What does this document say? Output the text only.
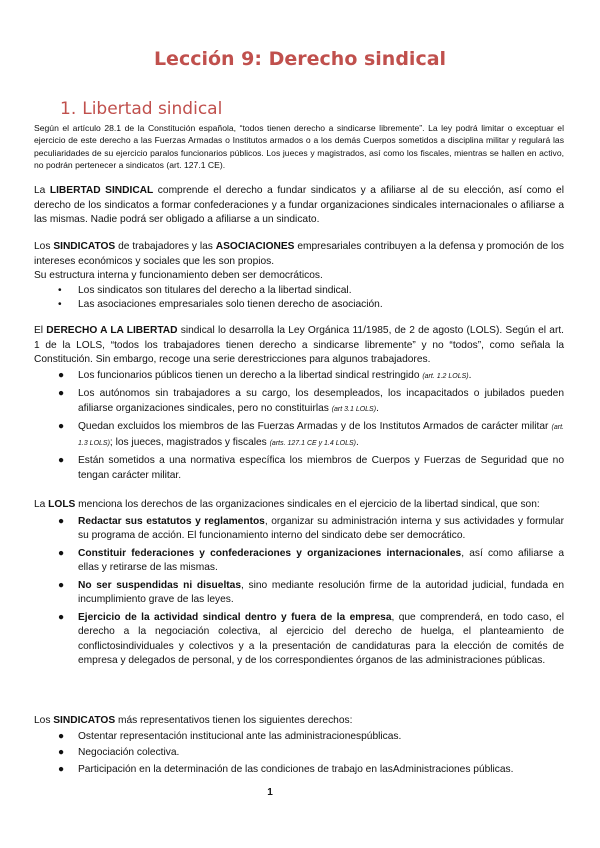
Lección 9: Derecho sindical
1. Libertad sindical

Según el artículo 28.1 de la Constitución española, “todos tienen derecho a sindicarse libremente”. La ley podrá limitar o exceptuar el ejercicio de este derecho a las Fuerzas Armadas o Institutos armados o a los demás Cuerpos sometidos a disciplina militar y regulará las peculiaridades de su ejercicio paralos funcionarios públicos. Los jueces y magistrados, así como los fiscales, mientras se hallen en activo, no podrán pertenecer a sindicatos (art. 127.1 CE).

La LIBERTAD SINDICAL comprende el derecho a fundar sindicatos y a afiliarse al de su elección, así como el derecho de los sindicatos a formar confederaciones y a fundar organizaciones sindicales internacionales o afiliarse a las mismas. Nadie podrá ser obligado a afiliarse a un sindicato.

Los SINDICATOS de trabajadores y las ASOCIACIONES empresariales contribuyen a la defensa y promoción de los intereses económicos y sociales que les son propios.

Su estructura interna y funcionamiento deben ser democráticos.

• Los sindicatos son titulares del derecho a la libertad sindical.
• Las asociaciones empresariales solo tienen derecho de asociación.

El DERECHO A LA LIBERTAD sindical lo desarrolla la Ley Orgánica 11/1985, de 2 de agosto (LOLS). Según el art. 1 de la LOLS, “todos los trabajadores tienen derecho a sindicarse libremente” y no “todos”, como señala la Constitución. Sin embargo, recoge una serie derestricciones para algunos trabajadores.

● Los funcionarios públicos tienen un derecho a la libertad sindical restringido (art. 1.2 LOLS).
● Los autónomos sin trabajadores a su cargo, los desempleados, los incapacitados o jubilados pueden afiliarse organizaciones sindicales, pero no constituirlas (art 3.1 LOLS).
● Quedan excluidos los miembros de las Fuerzas Armadas y de los Institutos Armados de carácter militar (art. 1.3 LOLS); los jueces, magistrados y fiscales (arts. 127.1 CE y 1.4 LOLS).
● Están sometidos a una normativa específica los miembros de Cuerpos y Fuerzas de Seguridad que no tengan carácter militar.

La LOLS menciona los derechos de las organizaciones sindicales en el ejercicio de la libertad sindical, que son:

● Redactar sus estatutos y reglamentos, organizar su administración interna y sus actividades y formular su programa de acción. El funcionamiento interno del sindicato debe ser democrático.
● Constituir federaciones y confederaciones y organizaciones internacionales, así como afiliarse a ellas y retirarse de las mismas.
● No ser suspendidas ni disueltas, sino mediante resolución firme de la autoridad judicial, fundada en incumplimiento grave de las leyes.
● Ejercicio de la actividad sindical dentro y fuera de la empresa, que comprenderá, en todo caso, el derecho a la negociación colectiva, al ejercicio del derecho de huelga, el planteamiento de conflictosindividuales y colectivos y a la presentación de candidaturas para la elección de comités de empresa y delegados de personal, y de los correspondientes órganos de las administraciones públicas.

Los SINDICATOS más representativos tienen los siguientes derechos:

● Ostentar representación institucional ante las administracionespúblicas.
● Negociación colectiva.
● Participación en la determinación de las condiciones de trabajo en lasAdministraciones públicas.
1
